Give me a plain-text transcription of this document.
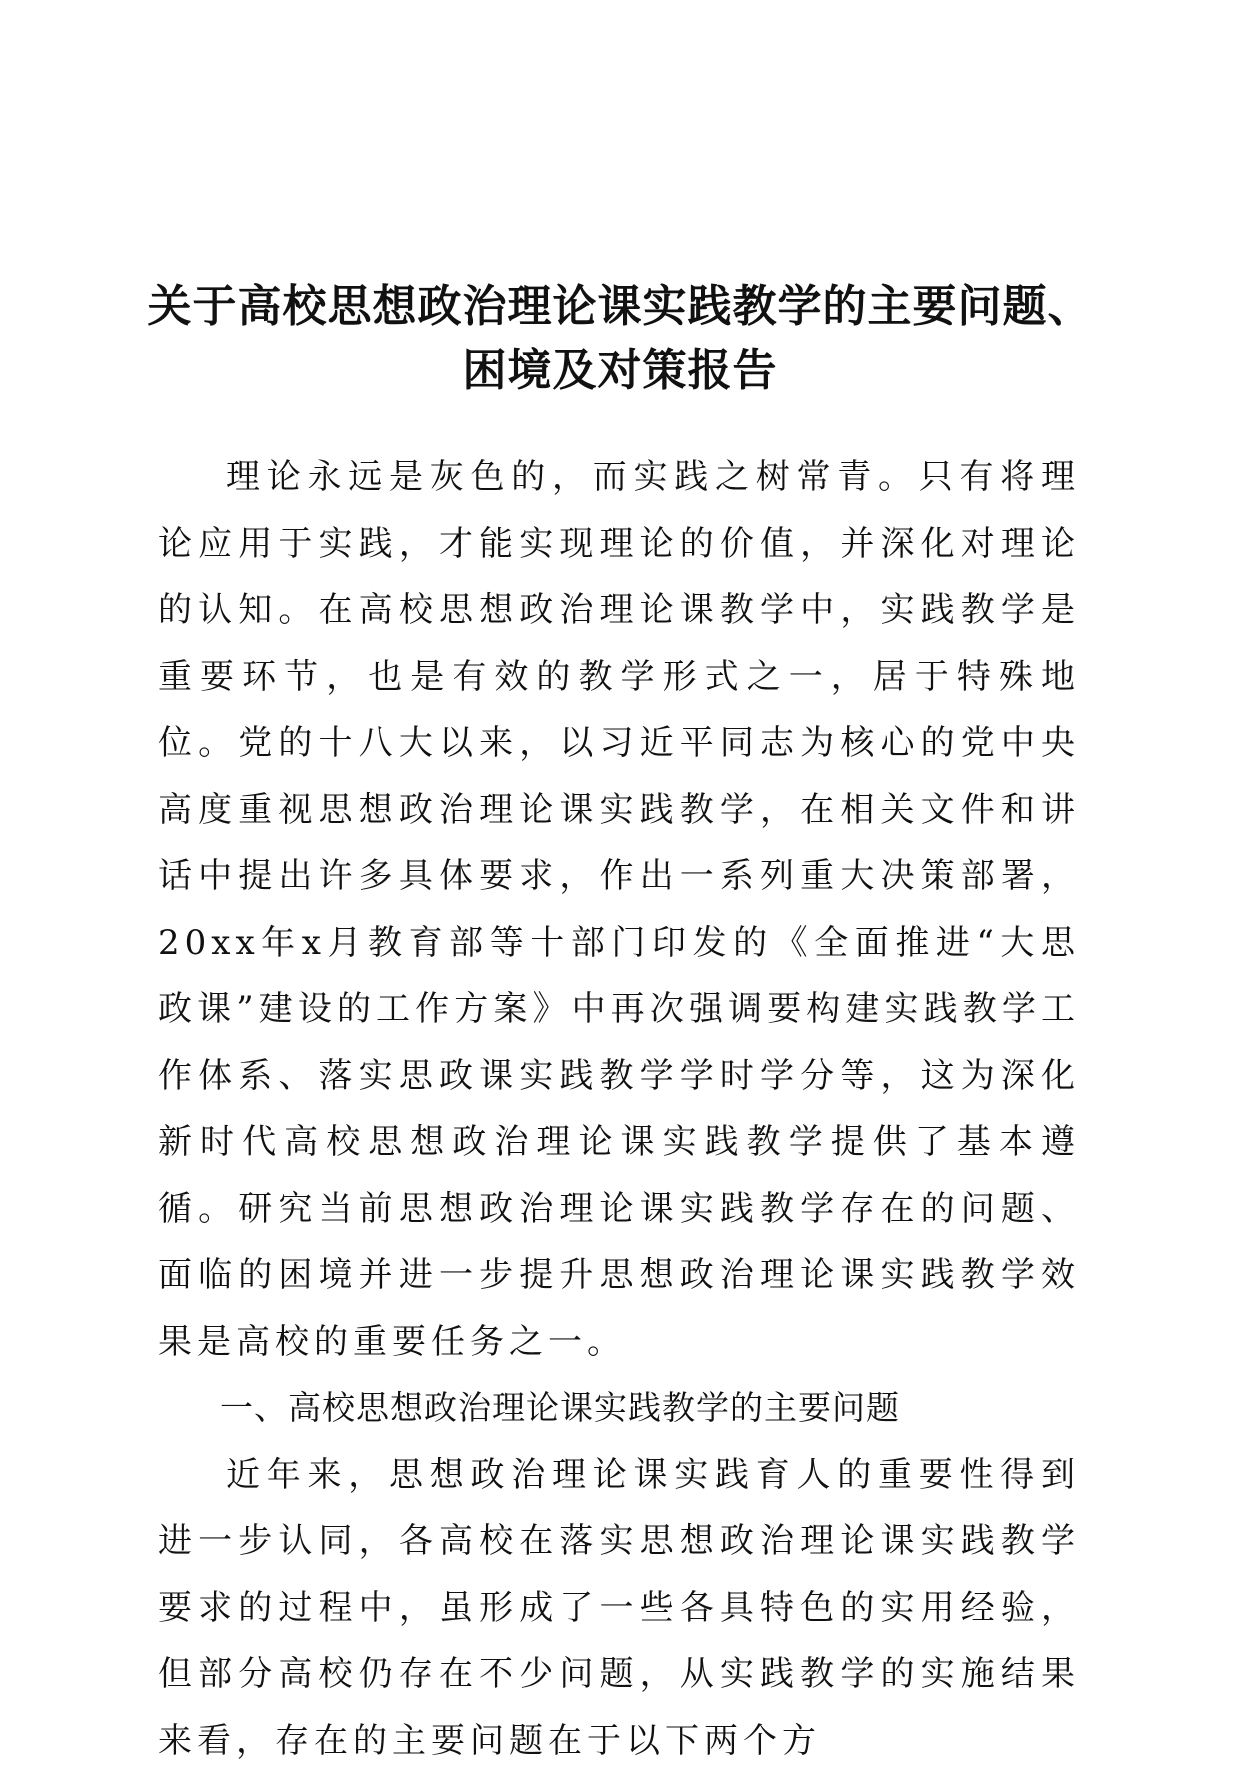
关于高校思想政治理论课实践教学的主要问题、
困境及对策报告

理论永远是灰色的，而实践之树常青。只有将理论应用于实践，才能实现理论的价值，并深化对理论的认知。在高校思想政治理论课教学中，实践教学是重要环节，也是有效的教学形式之一，居于特殊地位。党的十八大以来，以习近平同志为核心的党中央高度重视思想政治理论课实践教学，在相关文件和讲话中提出许多具体要求，作出一系列重大决策部署，20xx年x月教育部等十部门印发的《全面推进“大思政课”建设的工作方案》中再次强调要构建实践教学工作体系、落实思政课实践教学学时学分等，这为深化新时代高校思想政治理论课实践教学提供了基本遵循。研究当前思想政治理论课实践教学存在的问题、面临的困境并进一步提升思想政治理论课实践教学效果是高校的重要任务之一。

一、高校思想政治理论课实践教学的主要问题

近年来，思想政治理论课实践育人的重要性得到进一步认同，各高校在落实思想政治理论课实践教学要求的过程中，虽形成了一些各具特色的实用经验，但部分高校仍存在不少问题，从实践教学的实施结果来看，存在的主要问题在于以下两个方
